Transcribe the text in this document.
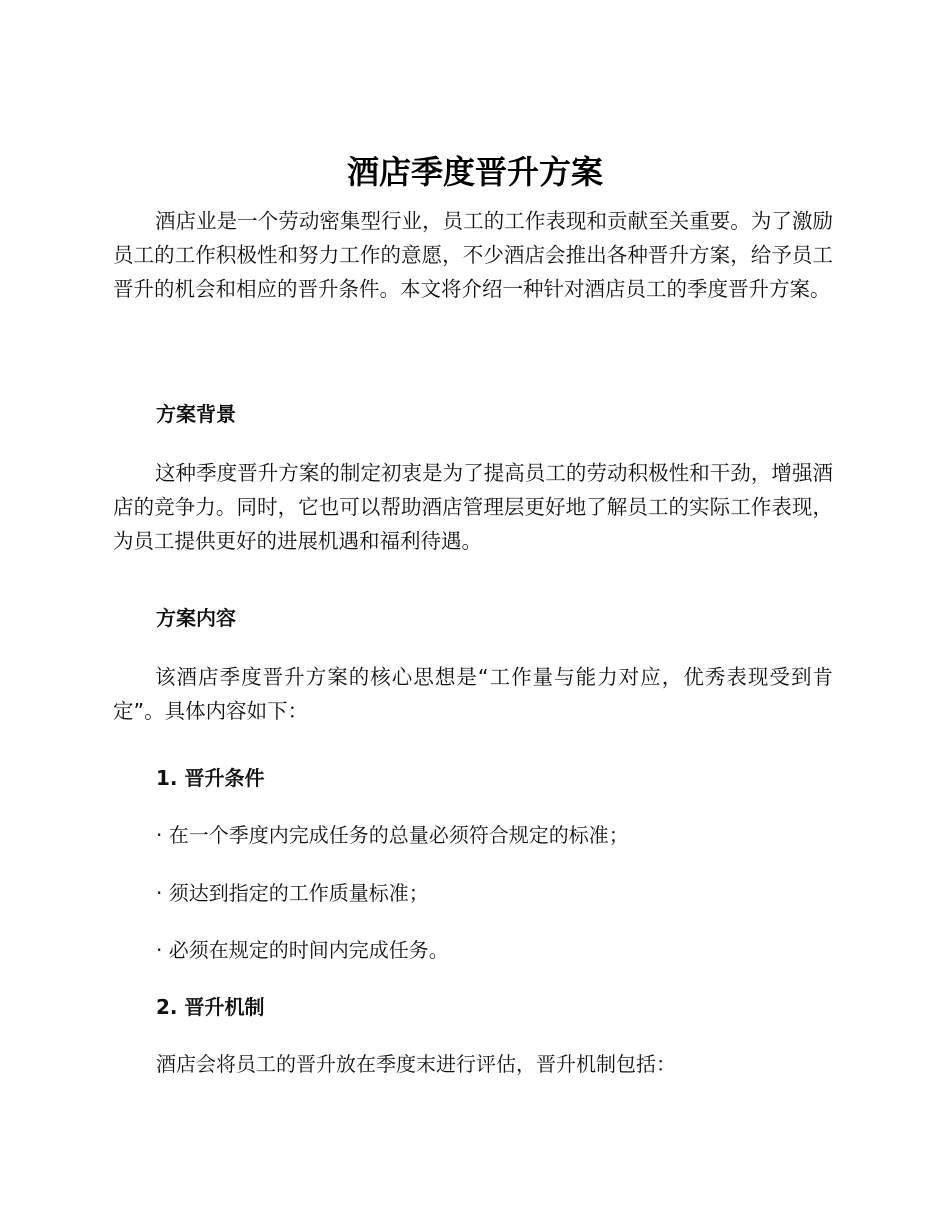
酒店季度晋升方案

酒店业是一个劳动密集型行业，员工的工作表现和贡献至关重要。为了激励员工的工作积极性和努力工作的意愿，不少酒店会推出各种晋升方案，给予员工晋升的机会和相应的晋升条件。本文将介绍一种针对酒店员工的季度晋升方案。

方案背景

这种季度晋升方案的制定初衷是为了提高员工的劳动积极性和干劲，增强酒店的竞争力。同时，它也可以帮助酒店管理层更好地了解员工的实际工作表现，为员工提供更好的进展机遇和福利待遇。

方案内容

该酒店季度晋升方案的核心思想是“工作量与能力对应，优秀表现受到肯定”。具体内容如下：

1. 晋升条件

· 在一个季度内完成任务的总量必须符合规定的标准；

· 须达到指定的工作质量标准；

· 必须在规定的时间内完成任务。

2. 晋升机制

酒店会将员工的晋升放在季度末进行评估，晋升机制包括：
